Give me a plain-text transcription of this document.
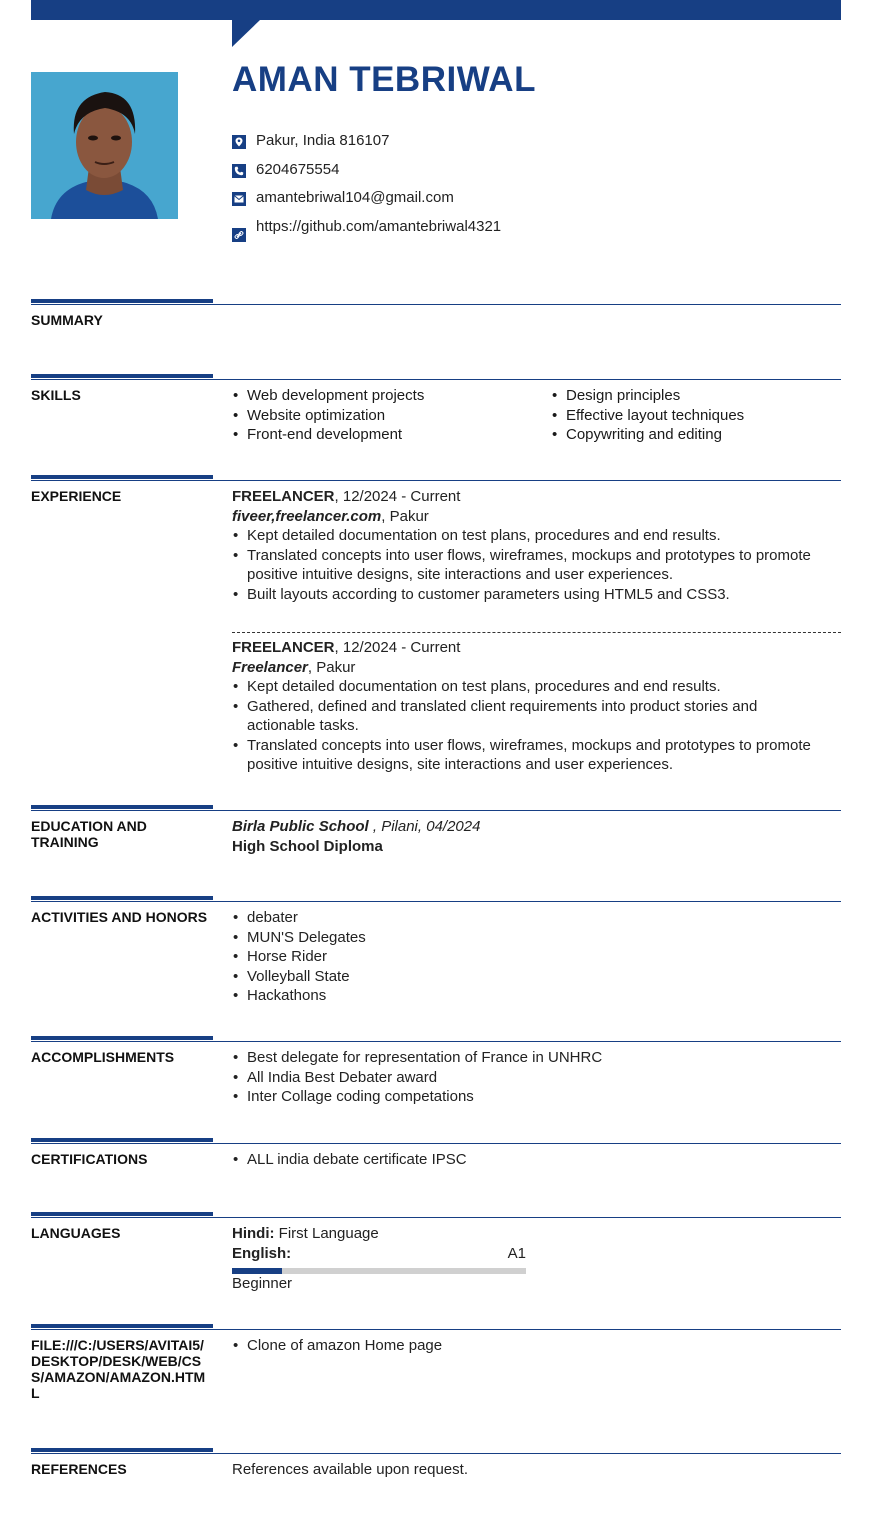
AMAN TEBRIWAL
Pakur, India 816107
6204675554
amantebriwal104@gmail.com
https://github.com/amantebriwal4321
SUMMARY
SKILLS	• Web development projects
• Website optimization
• Front-end development
• Design principles
• Effective layout techniques
• Copywriting and editing
EXPERIENCE	FREELANCER, 12/2024 - Current
fiveer,freelancer.com, Pakur
• Kept detailed documentation on test plans, procedures and end results.
• Translated concepts into user flows, wireframes, mockups and prototypes to promote positive intuitive designs, site interactions and user experiences.
• Built layouts according to customer parameters using HTML5 and CSS3.
FREELANCER, 12/2024 - Current
Freelancer, Pakur
• Kept detailed documentation on test plans, procedures and end results.
• Gathered, defined and translated client requirements into product stories and actionable tasks.
• Translated concepts into user flows, wireframes, mockups and prototypes to promote positive intuitive designs, site interactions and user experiences.
EDUCATION AND TRAINING
Birla Public School , Pilani, 04/2024
High School Diploma
ACTIVITIES AND HONORS	• debater
• MUN'S Delegates
• Horse Rider
• Volleyball State
• Hackathons
ACCOMPLISHMENTS	• Best delegate for representation of France in UNHRC
• All India Best Debater award
• Inter Collage coding competations
CERTIFICATIONS	• ALL india debate certificate IPSC
LANGUAGES	Hindi: First Language
English:	A1
Beginner
FILE:///C:/USERS/AVITAI5/DESKTOP/DESK/WEB/CSS/AMAZON/AMAZON.HTML
• Clone of amazon Home page
REFERENCES	References available upon request.
